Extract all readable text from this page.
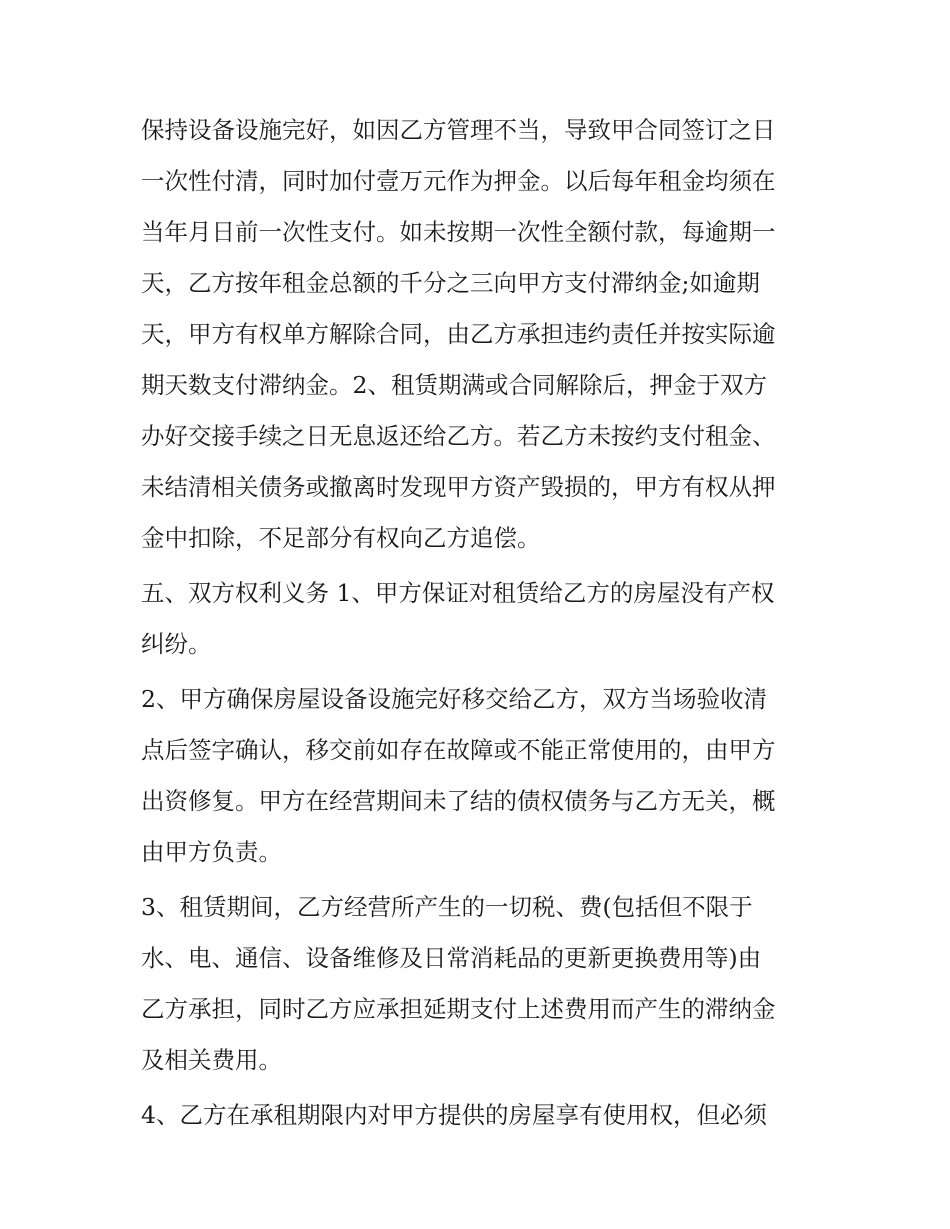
保持设备设施完好，如因乙方管理不当，导致甲合同签订之日
一次性付清，同时加付壹万元作为押金。以后每年租金均须在
当年月日前一次性支付。如未按期一次性全额付款，每逾期一
天，乙方按年租金总额的千分之三向甲方支付滞纳金;如逾期
天，甲方有权单方解除合同，由乙方承担违约责任并按实际逾
期天数支付滞纳金。2、租赁期满或合同解除后，押金于双方
办好交接手续之日无息返还给乙方。若乙方未按约支付租金、
未结清相关债务或撤离时发现甲方资产毁损的，甲方有权从押
金中扣除，不足部分有权向乙方追偿。

五、双方权利义务 1、甲方保证对租赁给乙方的房屋没有产权
纠纷。

2、甲方确保房屋设备设施完好移交给乙方，双方当场验收清
点后签字确认，移交前如存在故障或不能正常使用的，由甲方
出资修复。甲方在经营期间未了结的债权债务与乙方无关，概
由甲方负责。

3、租赁期间，乙方经营所产生的一切税、费(包括但不限于
水、电、通信、设备维修及日常消耗品的更新更换费用等)由
乙方承担，同时乙方应承担延期支付上述费用而产生的滞纳金
及相关费用。

4、乙方在承租期限内对甲方提供的房屋享有使用权，但必须
